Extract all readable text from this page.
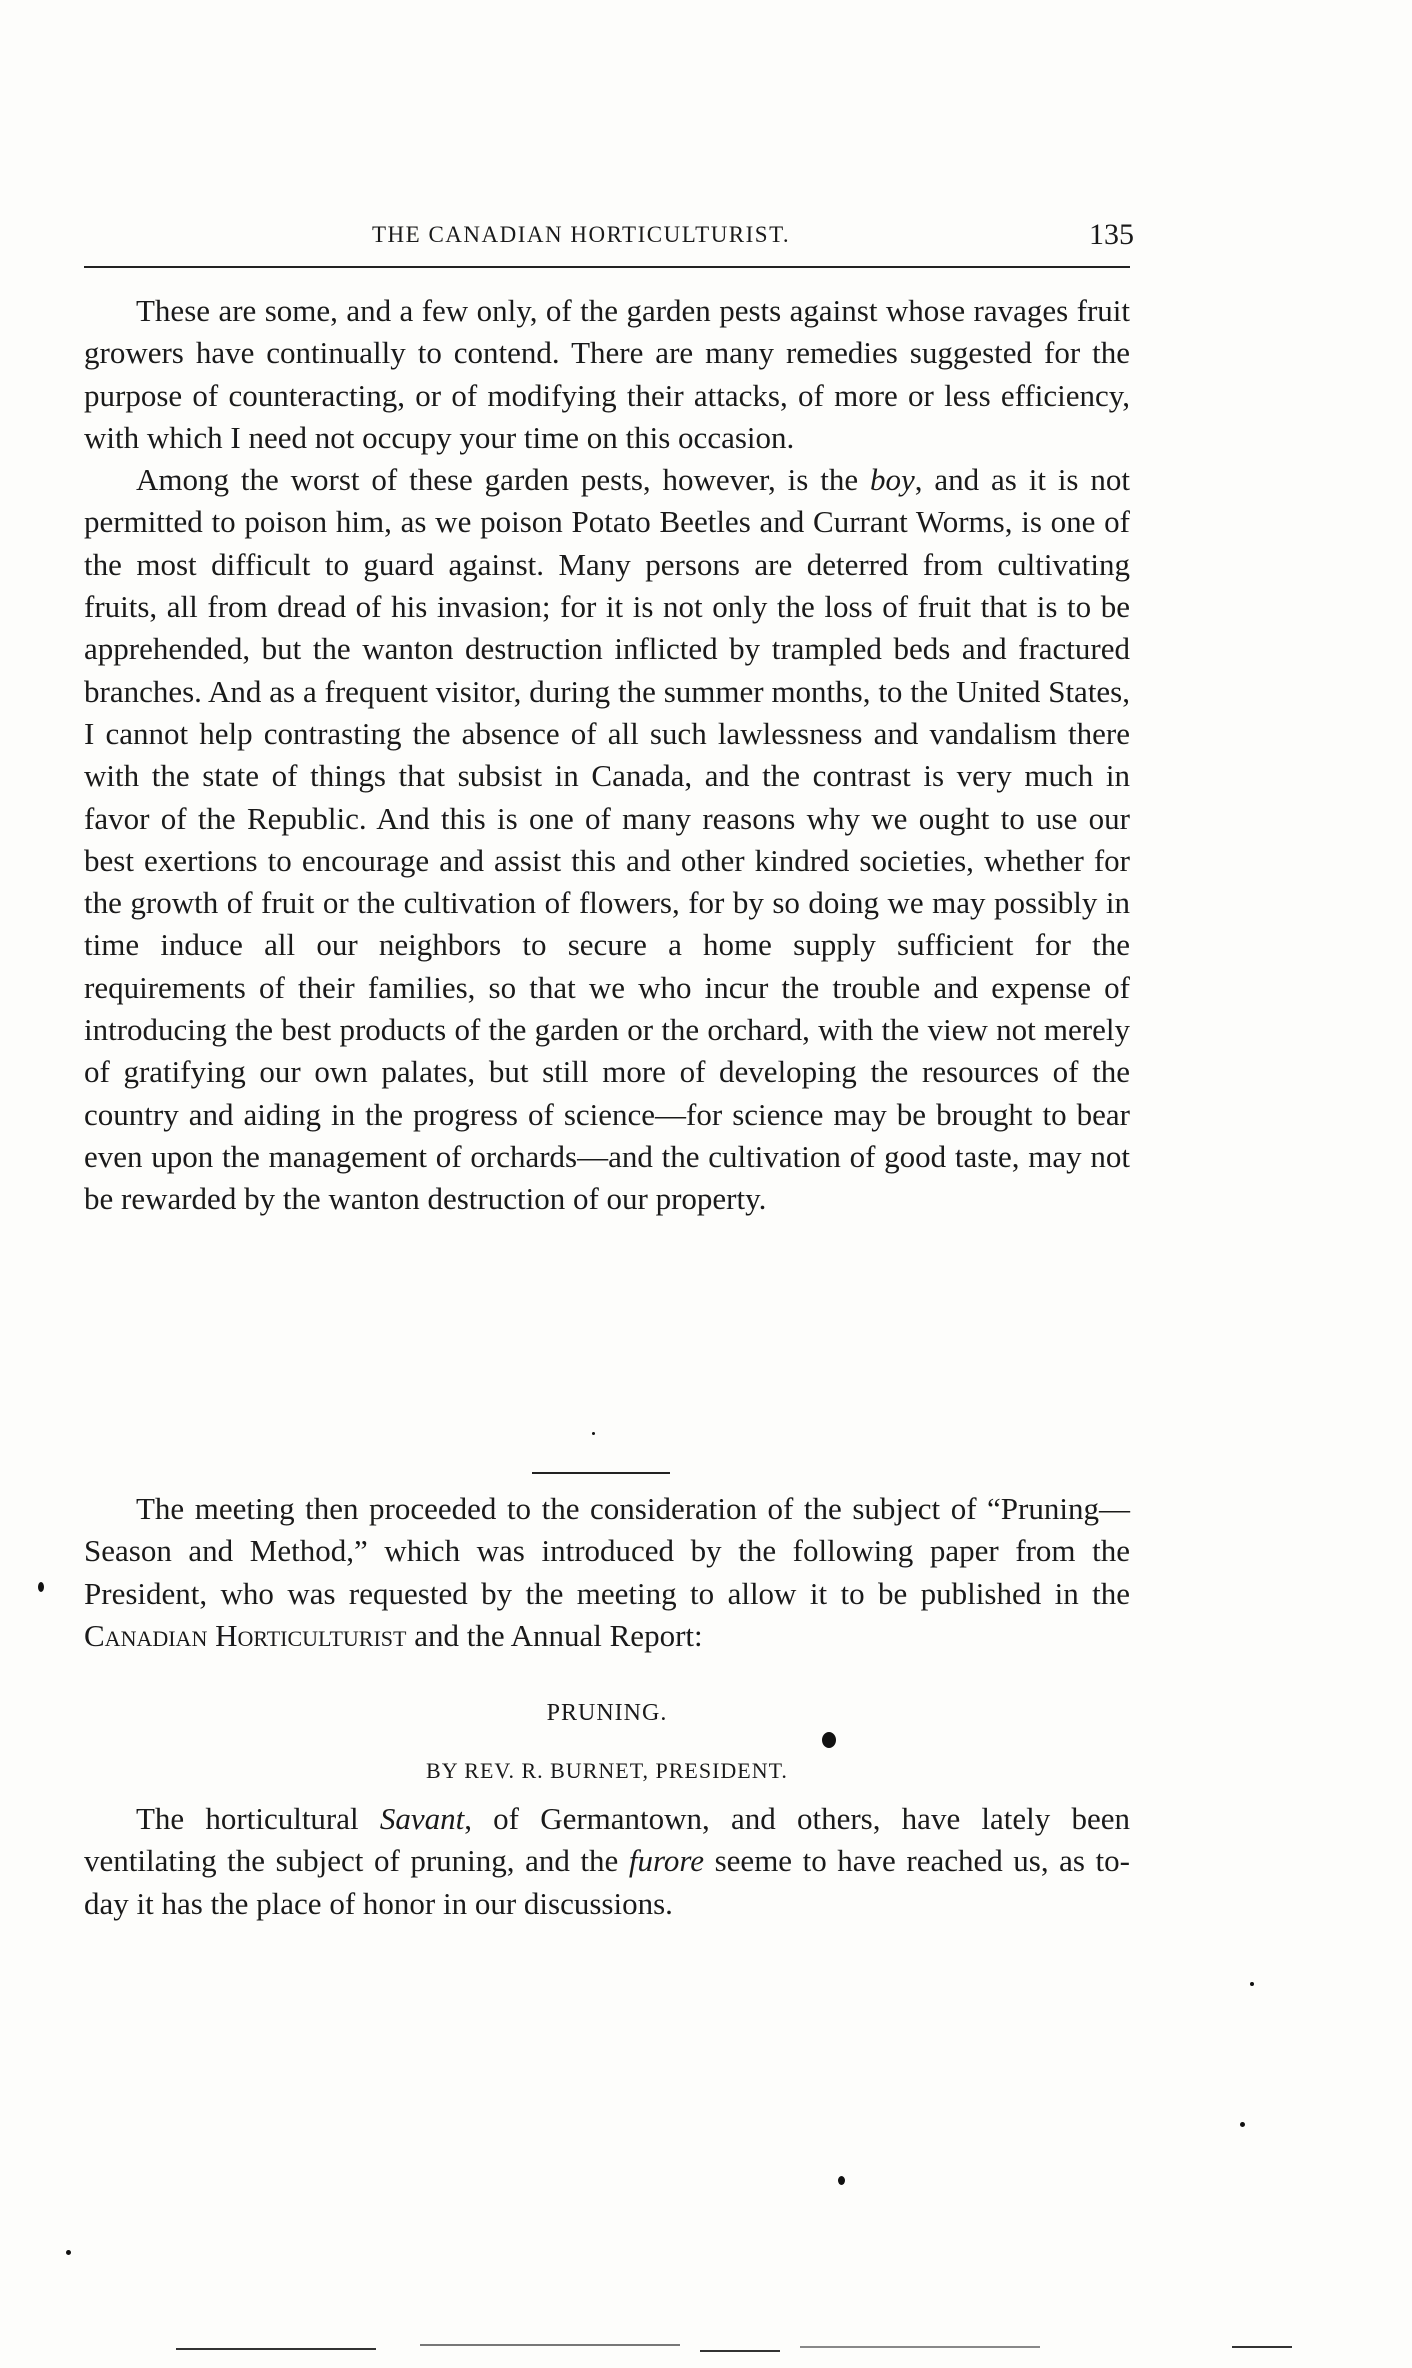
THE CANADIAN HORTICULTURIST.	135

These are some, and a few only, of the garden pests against whose ravages fruit growers have continually to contend. There are many remedies suggested for the purpose of counteracting, or of modifying their attacks, of more or less efficiency, with which I need not occupy your time on this occasion.

Among the worst of these garden pests, however, is the boy, and as it is not permitted to poison him, as we poison Potato Beetles and Currant Worms, is one of the most difficult to guard against. Many persons are deterred from cultivating fruits, all from dread of his invasion; for it is not only the loss of fruit that is to be apprehended, but the wanton destruction inflicted by trampled beds and fractured branches. And as a frequent visitor, during the summer months, to the United States, I cannot help contrasting the absence of all such lawlessness and vandalism there with the state of things that subsist in Canada, and the contrast is very much in favor of the Republic. And this is one of many reasons why we ought to use our best exertions to encourage and assist this and other kindred societies, whether for the growth of fruit or the cultivation of flowers, for by so doing we may possibly in time induce all our neighbors to secure a home supply sufficient for the requirements of their families, so that we who incur the trouble and expense of introducing the best products of the garden or the orchard, with the view not merely of gratifying our own palates, but still more of developing the resources of the country and aiding in the progress of science—for science may be brought to bear even upon the management of orchards—and the cultivation of good taste, may not be rewarded by the wanton destruction of our property.

The meeting then proceeded to the consideration of the subject of “Pruning—Season and Method,” which was introduced by the following paper from the President, who was requested by the meeting to allow it to be published in the Canadian Horticulturist and the Annual Report:

PRUNING.
BY REV. R. BURNET, PRESIDENT.

The horticultural Savant, of Germantown, and others, have lately been ventilating the subject of pruning, and the furore seeme to have reached us, as to-day it has the place of honor in our discussions.
